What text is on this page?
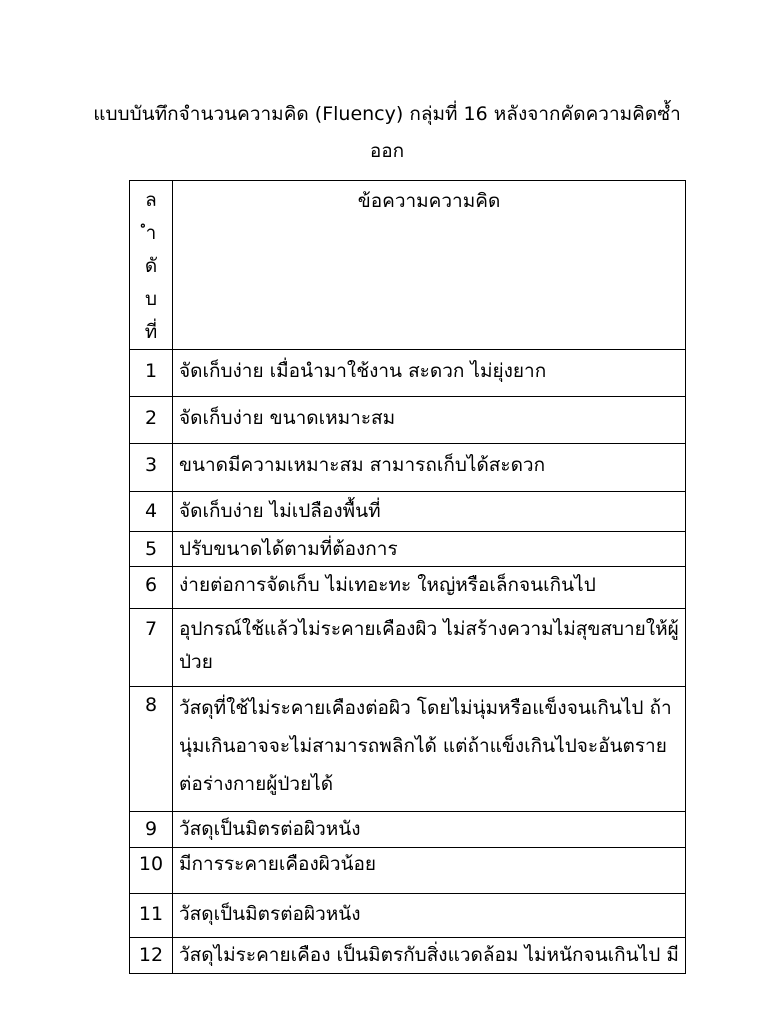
แบบบันทึกจำนวนความคิด (Fluency) กลุ่มที่ 16 หลังจากคัดความคิดซ้ำออก
ลำดับที่	ข้อความความคิด

1	จัดเก็บง่าย เมื่อนำมาใช้งาน สะดวก ไม่ยุ่งยาก

2	จัดเก็บง่าย ขนาดเหมาะสม

3	ขนาดมีความเหมาะสม สามารถเก็บได้สะดวก

4	จัดเก็บง่าย ไม่เปลืองพื้นที่

5	ปรับขนาดได้ตามที่ต้องการ

6	ง่ายต่อการจัดเก็บ ไม่เทอะทะ ใหญ่หรือเล็กจนเกินไป

7	อุปกรณ์ใช้แล้วไม่ระคายเคืองผิว ไม่สร้างความไม่สุขสบายให้ผู้ป่วย

8	วัสดุที่ใช้ไม่ระคายเคืองต่อผิว โดยไม่นุ่มหรือแข็งจนเกินไป ถ้านุ่มเกินอาจจะไม่สามารถพลิกได้ แต่ถ้าแข็งเกินไปจะอันตรายต่อร่างกายผู้ป่วยได้

9	วัสดุเป็นมิตรต่อผิวหนัง

10	มีการระคายเคืองผิวน้อย

11	วัสดุเป็นมิตรต่อผิวหนัง

12	วัสดุไม่ระคายเคือง เป็นมิตรกับสิ่งแวดล้อม ไม่หนักจนเกินไป มี
